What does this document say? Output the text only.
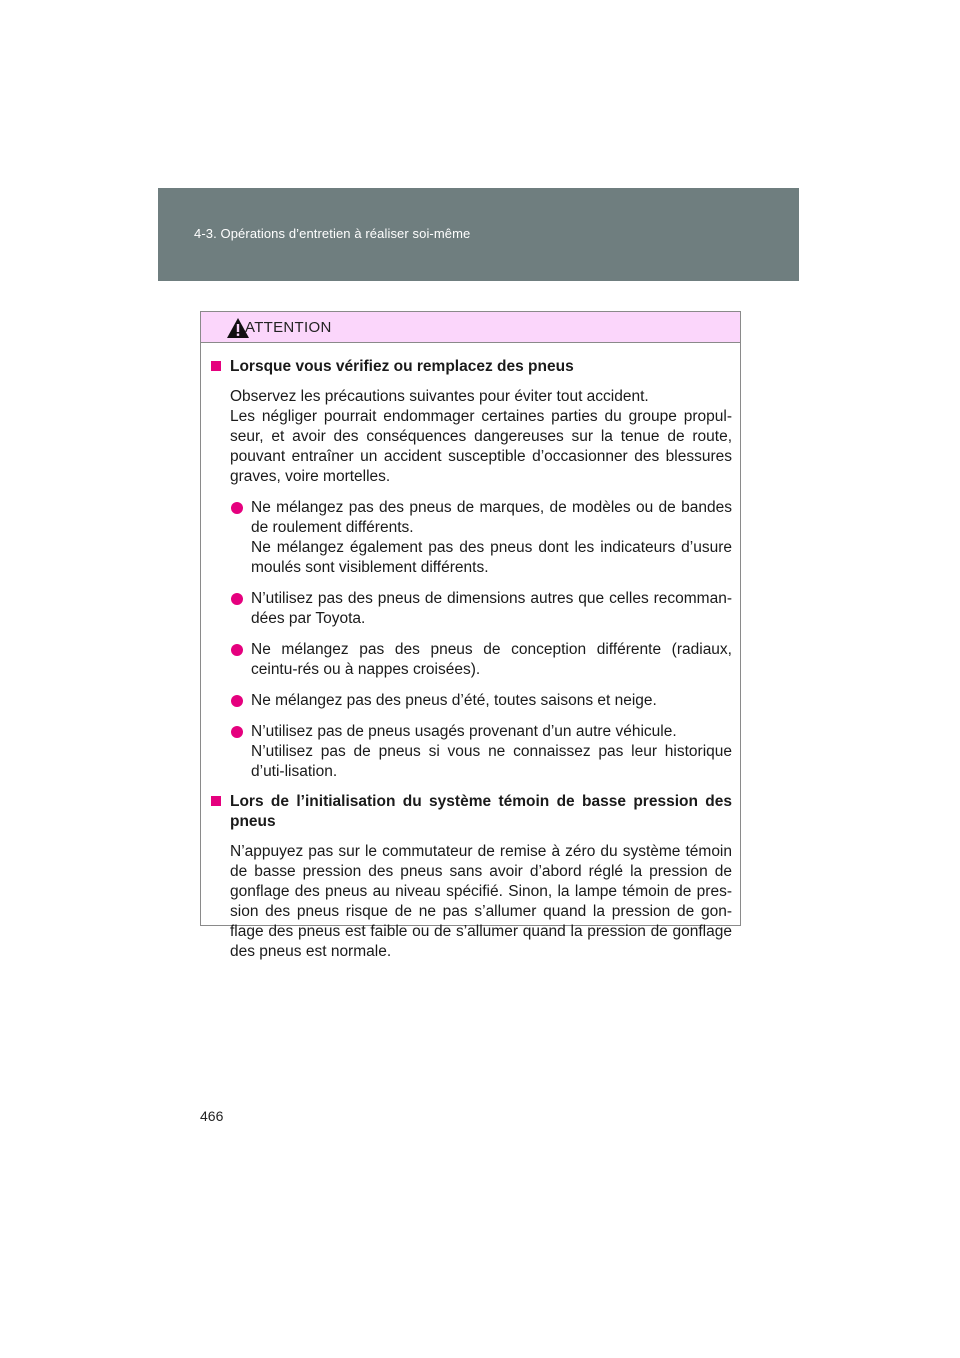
4-3. Opérations d’entretien à réaliser soi-même
ATTENTION
Lorsque vous vérifiez ou remplacez des pneus

Observez les précautions suivantes pour éviter tout accident.

Les négliger pourrait endommager certaines parties du groupe propul-seur, et avoir des conséquences dangereuses sur la tenue de route, pouvant entraîner un accident susceptible d’occasionner des blessures graves, voire mortelles.

Ne mélangez pas des pneus de marques, de modèles ou de bandes de roulement différents.

Ne mélangez également pas des pneus dont les indicateurs d’usure moulés sont visiblement différents.

N’utilisez pas des pneus de dimensions autres que celles recomman-dées par Toyota.

Ne mélangez pas des pneus de conception différente (radiaux, ceintu-rés ou à nappes croisées).

Ne mélangez pas des pneus d’été, toutes saisons et neige.

N’utilisez pas de pneus usagés provenant d’un autre véhicule.

N’utilisez pas de pneus si vous ne connaissez pas leur historique d’uti-lisation.

Lors de l’initialisation du système témoin de basse pression des pneus

N’appuyez pas sur le commutateur de remise à zéro du système témoin de basse pression des pneus sans avoir d’abord réglé la pression de gonflage des pneus au niveau spécifié. Sinon, la lampe témoin de pres-sion des pneus risque de ne pas s’allumer quand la pression de gon-flage des pneus est faible ou de s’allumer quand la pression de gonflage des pneus est normale.

466
